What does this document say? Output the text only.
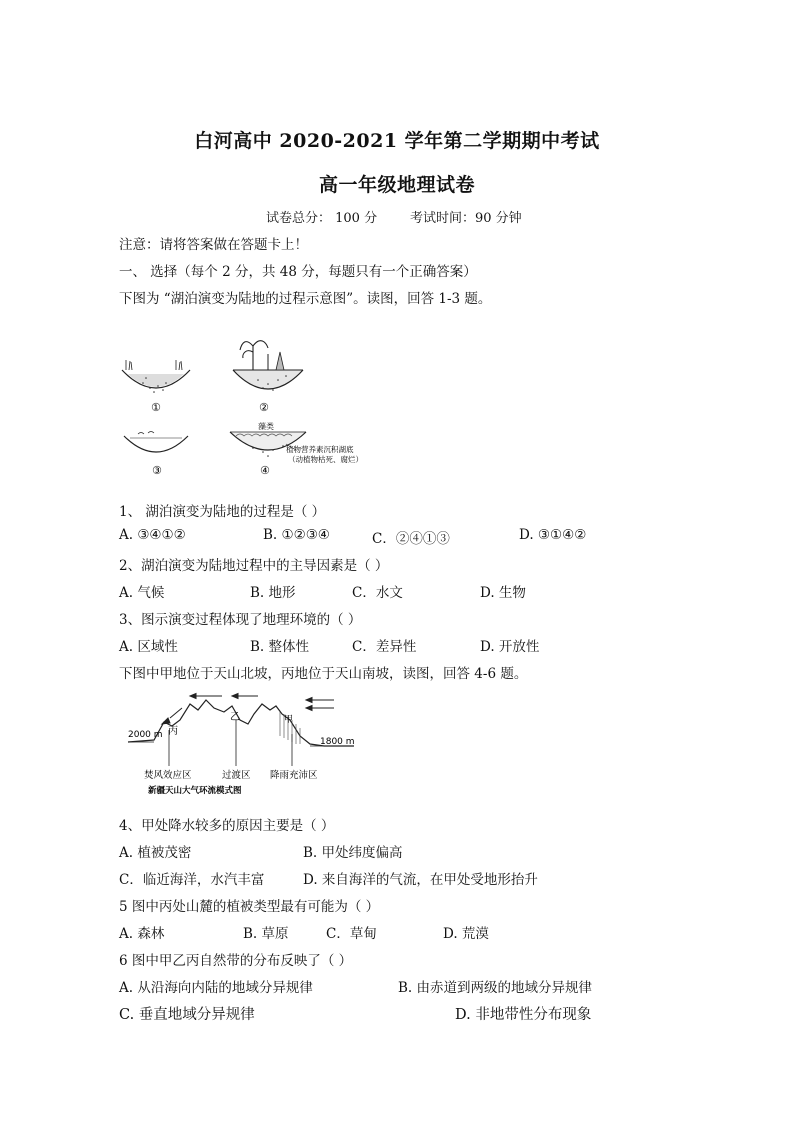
白河高中 2020-2021 学年第二学期期中考试
高一年级地理试卷
试卷总分： 100 分	考试时间：90 分钟
注意：请将答案做在答题卡上！
一、 选择（每个 2 分，共 48 分，每题只有一个正确答案）
下图为 “湖泊演变为陆地的过程示意图”。读图，回答 1-3 题。
①	②
③	④
藻类
植物营养素沉积湖底
（动植物枯死、腐烂）
1、 湖泊演变为陆地的过程是（ ）
A. ③④①②	B. ①②③④	C．②④①③	D. ③①④②
2、湖泊演变为陆地过程中的主导因素是（ ）
A. 气候	B. 地形	C．水文	D. 生物
3、图示演变过程体现了地理环境的（ ）
A. 区域性	B. 整体性	C．差异性	D. 开放性
下图中甲地位于天山北坡，丙地位于天山南坡，读图，回答 4-6 题。
2000 m
1800 m
丙
乙	甲
焚风效应区	过渡区 降雨充沛区
新疆天山大气环流模式图
4、甲处降水较多的原因主要是（ ）
A. 植被茂密	B. 甲处纬度偏高
C．临近海洋，水汽丰富	D. 来自海洋的气流，在甲处受地形抬升
5 图中丙处山麓的植被类型最有可能为（ ）
A. 森林	B. 草原	C．草甸	D. 荒漠
6 图中甲乙丙自然带的分布反映了（ ）
A. 从沿海向内陆的地域分异规律	B. 由赤道到两级的地域分异规律
C. 垂直地域分异规律	D. 非地带性分布现象
